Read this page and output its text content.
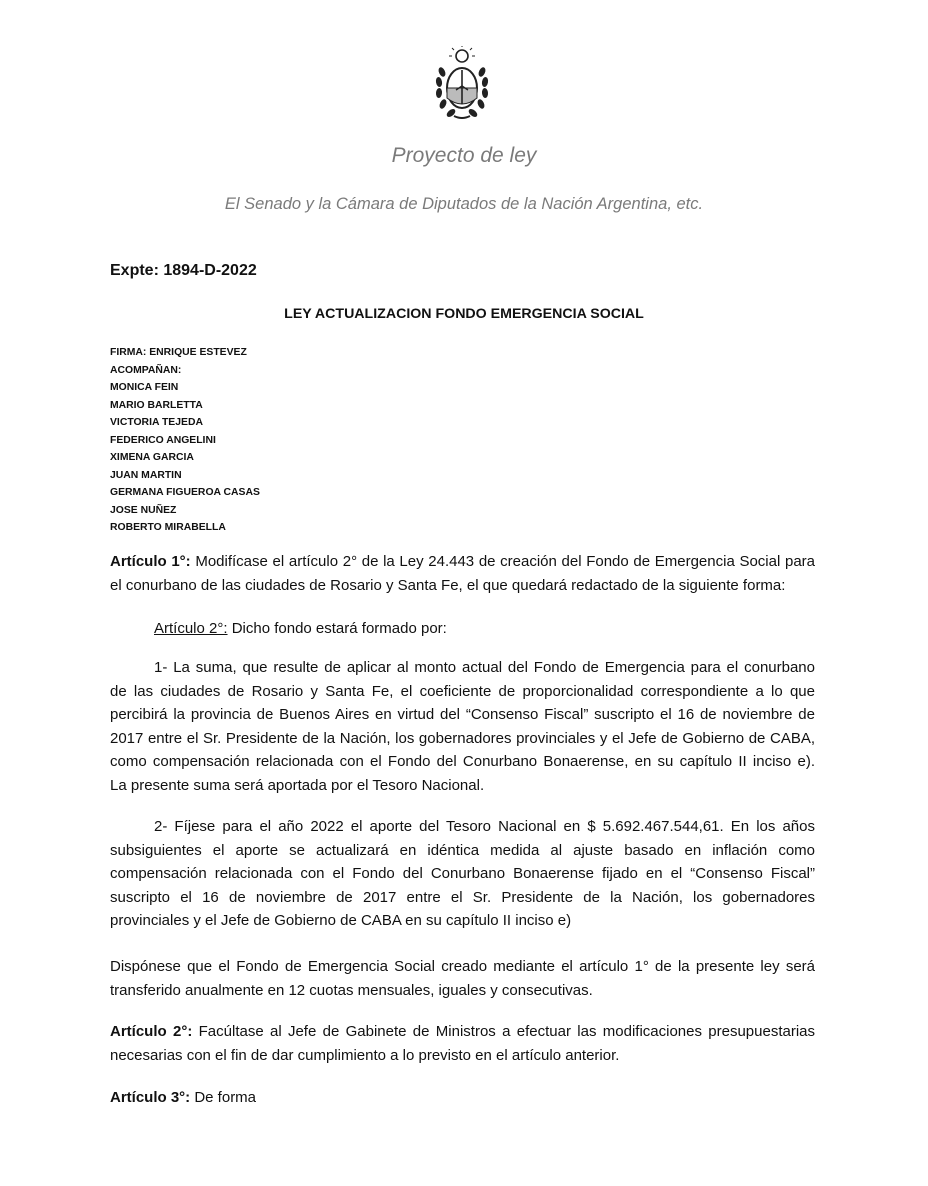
Proyecto de ley
El Senado y la Cámara de Diputados de la Nación Argentina, etc.
Expte: 1894-D-2022
LEY ACTUALIZACION FONDO EMERGENCIA SOCIAL
FIRMA: ENRIQUE ESTEVEZ
ACOMPAÑAN:
MONICA FEIN
MARIO BARLETTA
VICTORIA TEJEDA
FEDERICO ANGELINI
XIMENA GARCIA
JUAN MARTIN
GERMANA FIGUEROA CASAS
JOSE NUÑEZ
ROBERTO MIRABELLA
Artículo 1°: Modifícase el artículo 2° de la Ley 24.443 de creación del Fondo de Emergencia Social para
el conurbano de las ciudades de Rosario y Santa Fe, el que quedará redactado de la siguiente forma:
Artículo 2°: Dicho fondo estará formado por:
1- La suma, que resulte de aplicar al monto actual del Fondo de Emergencia para el conurbano
de las ciudades de Rosario y Santa Fe, el coeficiente de proporcionalidad correspondiente a lo que
percibirá la provincia de Buenos Aires en virtud del “Consenso Fiscal” suscripto el 16 de noviembre de
2017 entre el Sr. Presidente de la Nación, los gobernadores provinciales y el Jefe de Gobierno de CABA,
como compensación relacionada con el Fondo del Conurbano Bonaerense, en su capítulo II inciso e).
La presente suma será aportada por el Tesoro Nacional.
2- Fíjese para el año 2022 el aporte del Tesoro Nacional en $ 5.692.467.544,61. En los años
subsiguientes el aporte se actualizará en idéntica medida al ajuste basado en inflación como
compensación relacionada con el Fondo del Conurbano Bonaerense fijado en el “Consenso Fiscal”
suscripto el 16 de noviembre de 2017 entre el Sr. Presidente de la Nación, los gobernadores
provinciales y el Jefe de Gobierno de CABA en su capítulo II inciso e)
Dispónese que el Fondo de Emergencia Social creado mediante el artículo 1° de la presente ley será
transferido anualmente en 12 cuotas mensuales, iguales y consecutivas.
Artículo 2°: Facúltase al Jefe de Gabinete de Ministros a efectuar las modificaciones presupuestarias
necesarias con el fin de dar cumplimiento a lo previsto en el artículo anterior.
Artículo 3°: De forma
